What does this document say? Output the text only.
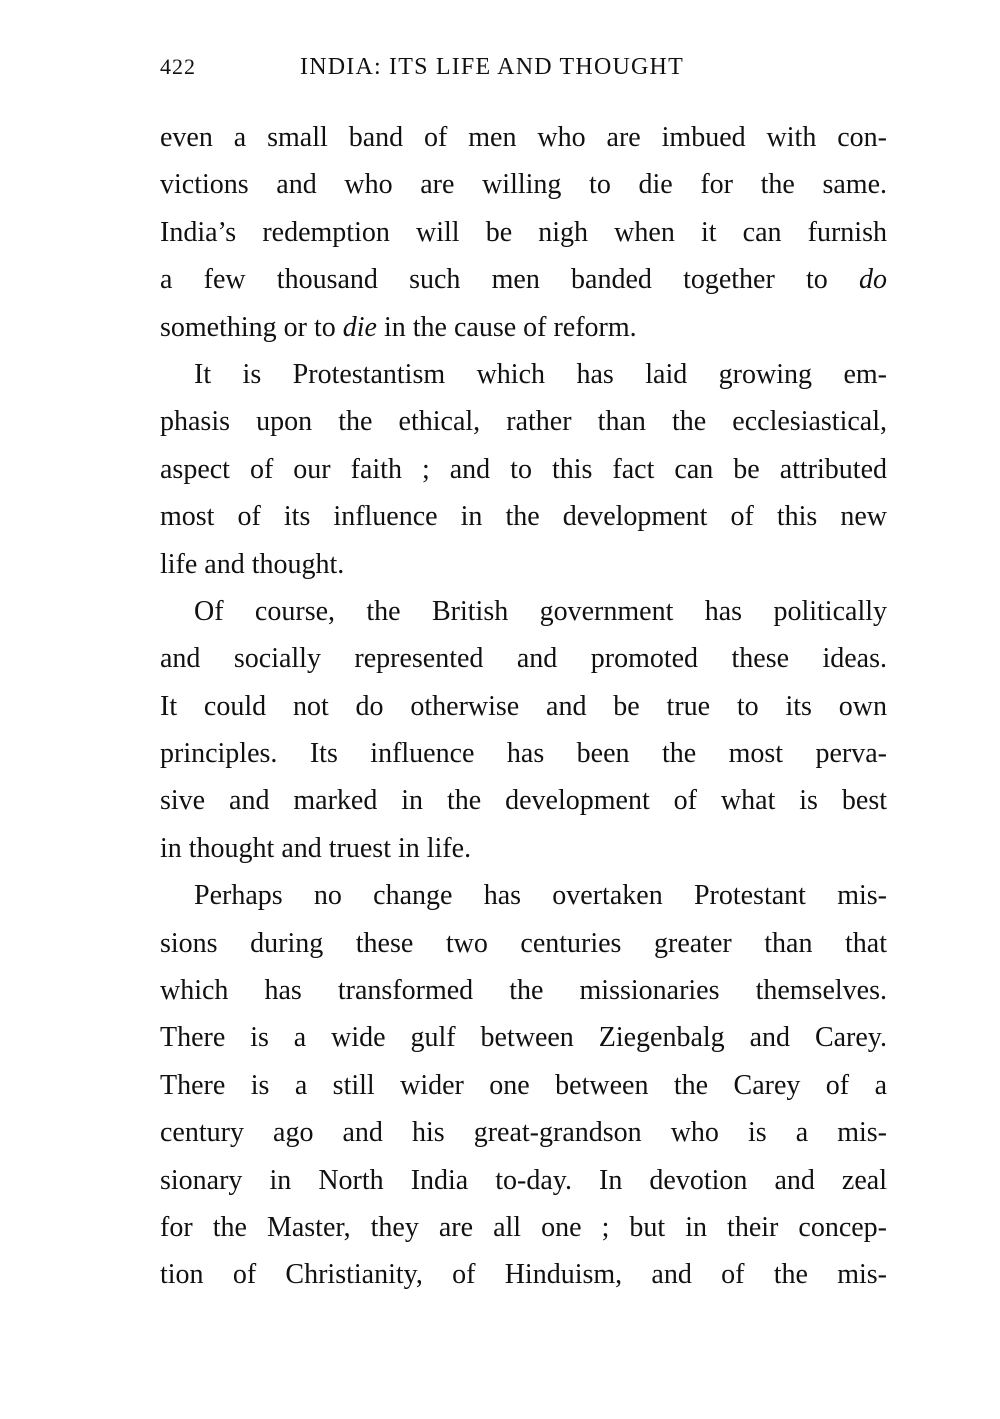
422	INDIA: ITS LIFE AND THOUGHT
even a small band of men who are imbued with con-
victions and who are willing to die for the same.
India’s redemption will be nigh when it can furnish
a few thousand such men banded together to do
something or to die in the cause of reform.
It is Protestantism which has laid growing em-
phasis upon the ethical, rather than the ecclesiastical,
aspect of our faith ; and to this fact can be attributed
most of its influence in the development of this new
life and thought.
Of course, the British government has politically
and socially represented and promoted these ideas.
It could not do otherwise and be true to its own
principles. Its influence has been the most perva-
sive and marked in the development of what is best
in thought and truest in life.
Perhaps no change has overtaken Protestant mis-
sions during these two centuries greater than that
which has transformed the missionaries themselves.
There is a wide gulf between Ziegenbalg and Carey.
There is a still wider one between the Carey of a
century ago and his great-grandson who is a mis-
sionary in North India to-day. In devotion and zeal
for the Master, they are all one ; but in their concep-
tion of Christianity, of Hinduism, and of the mis-
